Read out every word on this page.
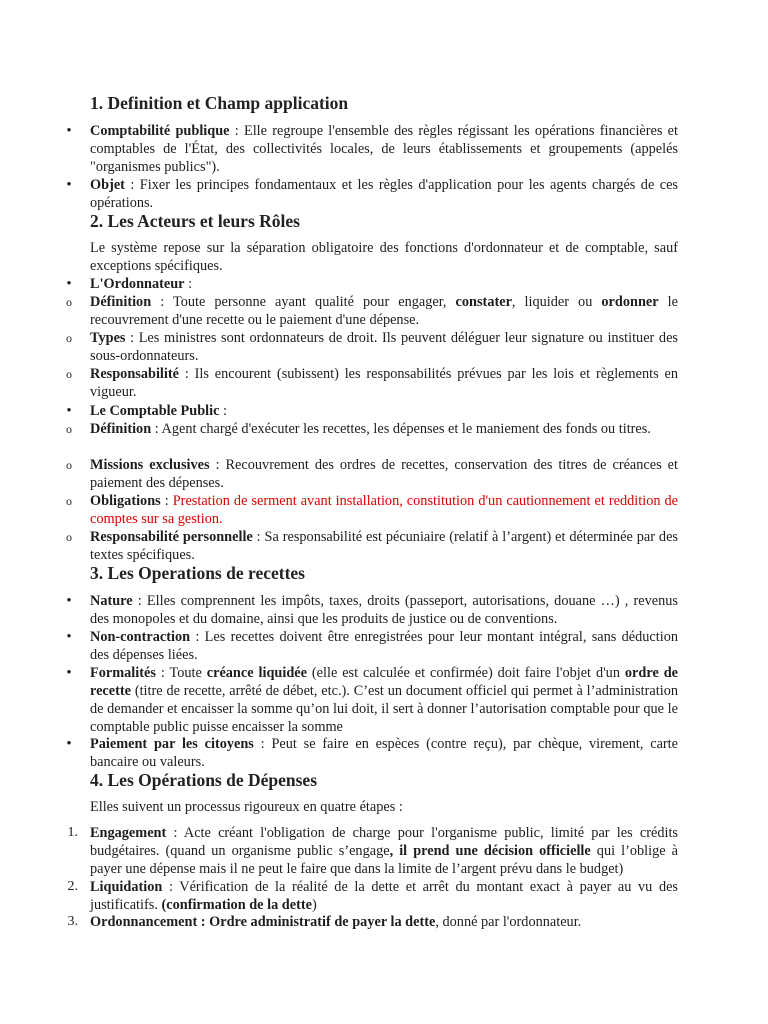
1. Definition et Champ application
•

Comptabilité publique : Elle regroupe l'ensemble des règles régissant les opérations financières et comptables de l'État, des collectivités locales, de leurs établissements et groupements (appelés "organismes publics").

•

Objet : Fixer les principes fondamentaux et les règles d'application pour les agents chargés de ces opérations.

2. Les Acteurs et leurs Rôles

Le système repose sur la séparation obligatoire des fonctions d'ordonnateur et de comptable, sauf exceptions spécifiques.

•

L'Ordonnateur :

o Définition : Toute personne ayant qualité pour engager, constater, liquider ou ordonner le recouvrement d'une recette ou le paiement d'une dépense.

o Types : Les ministres sont ordonnateurs de droit. Ils peuvent déléguer leur signature ou instituer des sous-ordonnateurs.

o Responsabilité : Ils encourent (subissent) les responsabilités prévues par les lois et règlements en vigueur.

•

Le Comptable Public :

o Définition : Agent chargé d'exécuter les recettes, les dépenses et le maniement des fonds ou titres.

o Missions exclusives : Recouvrement des ordres de recettes, conservation des titres de créances et paiement des dépenses.

o Obligations : Prestation de serment avant installation, constitution d'un cautionnement et reddition de comptes sur sa gestion.

o Responsabilité personnelle : Sa responsabilité est pécuniaire (relatif à l’argent) et déterminée par des textes spécifiques.

3. Les Operations de recettes
•

Nature : Elles comprennent les impôts, taxes, droits (passeport, autorisations, douane …) , revenus des monopoles et du domaine, ainsi que les produits de justice ou de conventions.

•

Non-contraction : Les recettes doivent être enregistrées pour leur montant intégral, sans déduction des dépenses liées.

•

Formalités : Toute créance liquidée (elle est calculée et confirmée) doit faire l'objet d'un ordre de recette (titre de recette, arrêté de débet, etc.). C’est un document officiel qui permet à l’administration de demander et encaisser la somme qu’on lui doit, il sert à donner l’autorisation comptable pour que le comptable public puisse encaisser la somme

•

Paiement par les citoyens : Peut se faire en espèces (contre reçu), par chèque, virement, carte bancaire ou valeurs.

4. Les Opérations de Dépenses

Elles suivent un processus rigoureux en quatre étapes :

1. Engagement : Acte créant l'obligation de charge pour l'organisme public, limité par les crédits budgétaires. (quand un organisme public s’engage, il prend une décision officielle qui l’oblige à payer une dépense mais il ne peut le faire que dans la limite de l’argent prévu dans le budget)

2. Liquidation : Vérification de la réalité de la dette et arrêt du montant exact à payer au vu des justificatifs. (confirmation de la dette)

3. Ordonnancement : Ordre administratif de payer la dette, donné par l'ordonnateur.
